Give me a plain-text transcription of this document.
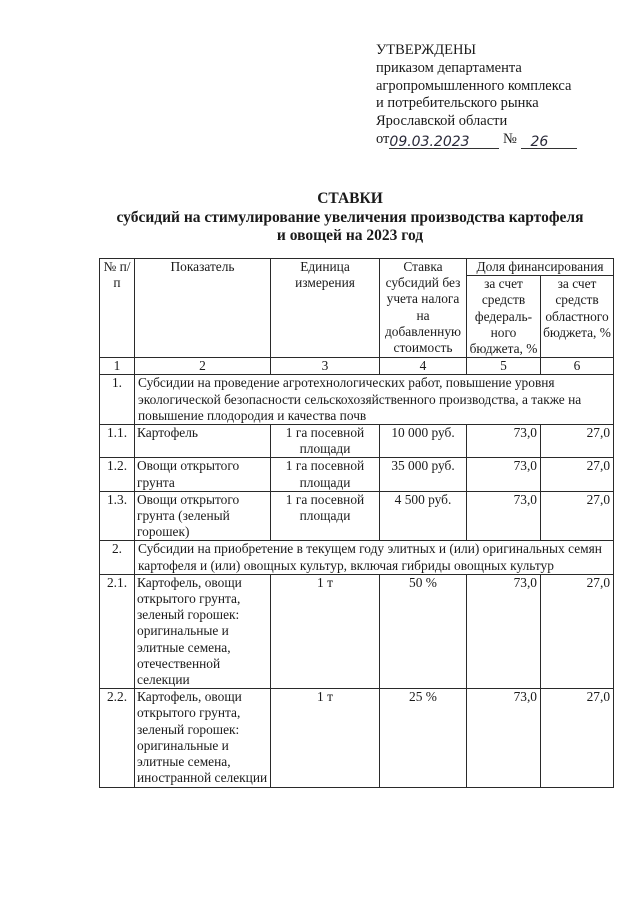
УТВЕРЖДЕНЫ
приказом департамента
агропромышленного комплекса
и потребительского рынка
Ярославской области
от09.03.2023 № 26
СТАВКИ
субсидий на стимулирование увеличения производства картофеля
и овощей на 2023 год
№ п/п	Показатель	Единица измерения	Ставка субсидий без учета налога на добавленную стоимость	Доля финансирования	
				за счет средств федераль-ного бюджета, %	за счет средств областного бюджета, %
1	2	3	4	5	6
1.	Субсидии на проведение агротехнологических работ, повышение уровня экологической безопасности сельскохозяйственного производства, а также на повышение плодородия и качества почв				
1.1.	Картофель	1 га посевной площади	10 000 руб.	73,0	27,0
1.2.	Овощи открытого грунта	1 га посевной площади	35 000 руб.	73,0	27,0
1.3.	Овощи открытого грунта (зеленый горошек)	1 га посевной площади	4 500 руб.	73,0	27,0
2.	Субсидии на приобретение в текущем году элитных и (или) оригинальных семян картофеля и (или) овощных культур, включая гибриды овощных культур				
2.1.	Картофель, овощи открытого грунта, зеленый горошек: оригинальные и элитные семена, отечественной селекции	1 т	50 %	73,0	27,0
2.2.	Картофель, овощи открытого грунта, зеленый горошек: оригинальные и элитные семена, иностранной селекции	1 т	25 %	73,0	27,0
